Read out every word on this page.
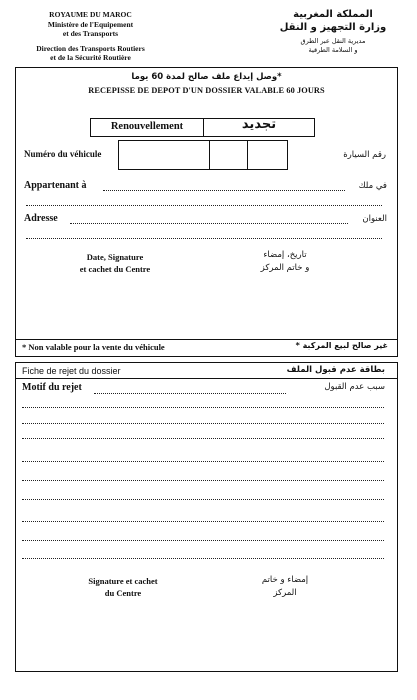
ROYAUME DU MAROC
Ministère de l'Equipement
et des Transports
Direction des Transports Routiers
et de la Sécurité Routière
المملكة المغربية
وزارة التجهيز و النقل
مديرية النقل عبر الطرق
و السلامة الطرقية
*وصل إيداع ملف صالح لمدة 60 يوما
RECEPISSE DE DEPOT D'UN DOSSIER VALABLE 60 JOURS
Renouvellement	تجديد
Numéro du véhicule	رقم السيارة
Appartenant à	في ملك
Adresse	العنوان
Date, Signature
et cachet du Centre
تاريخ، إمضاء
و خاتم المركز
* Non valable pour la vente du véhicule	غير صالح لبيع المركبة *
Fiche de rejet du dossier	بطاقة عدم قبول الملف
Motif du rejet	سبب عدم القبول
Signature et cachet
du Centre
إمضاء و خاتم
المركز
